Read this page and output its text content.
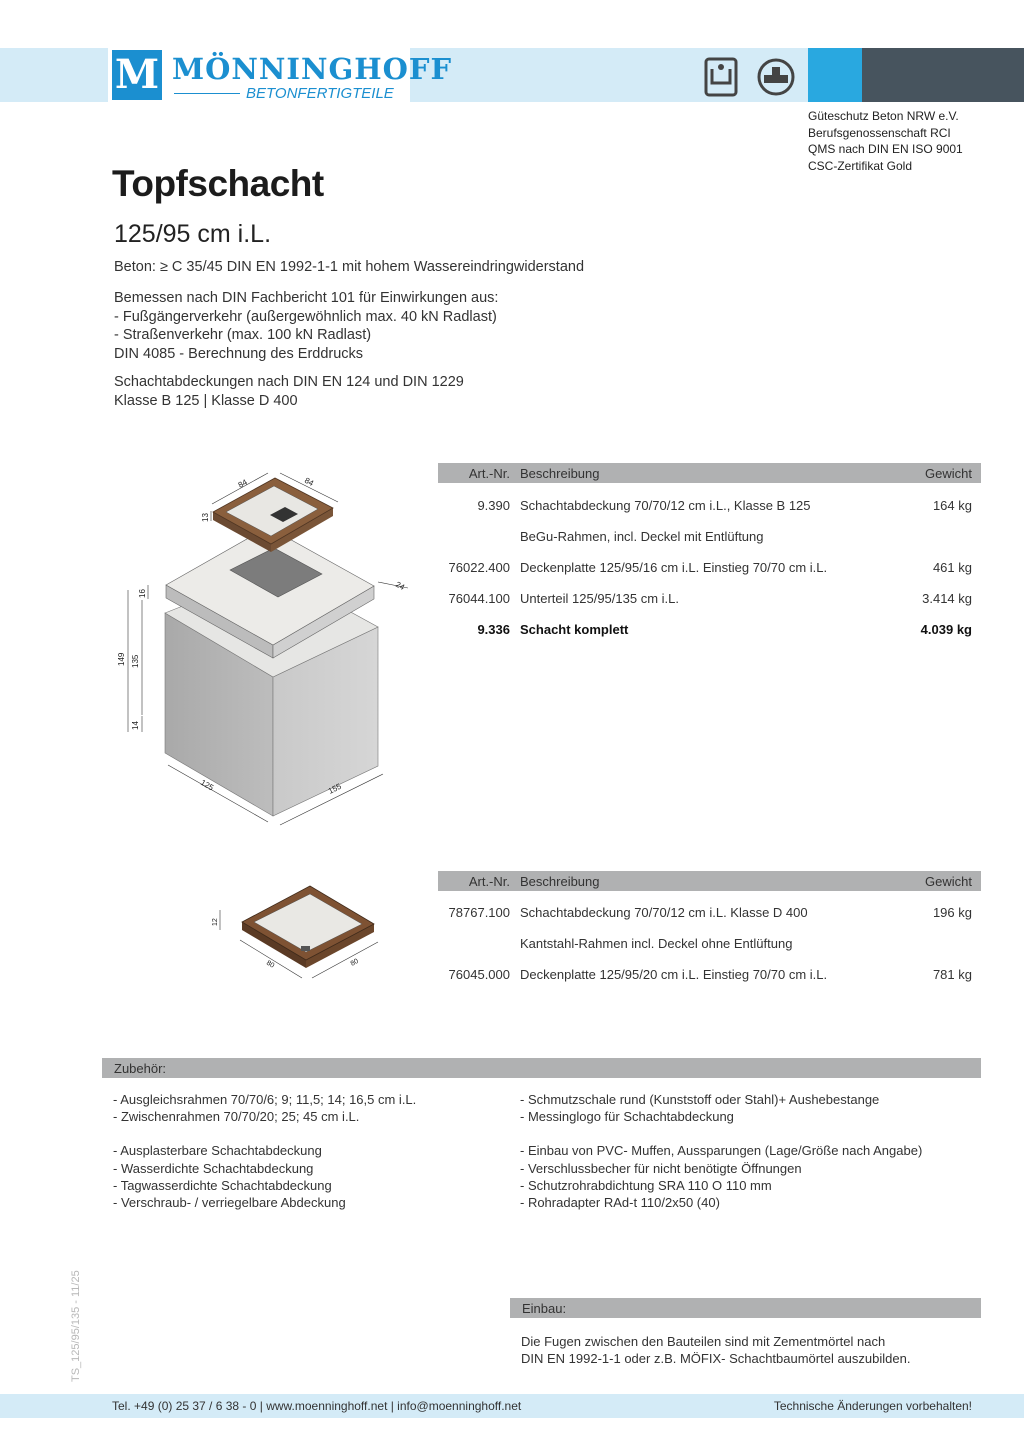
M MÖNNINGHOFF
BETONFERTIGTEILE
Güteschutz Beton NRW e.V.
Berufsgenossenschaft RCI
QMS nach DIN EN ISO 9001
CSC-Zertifikat Gold
Topfschacht
125/95 cm i.L.
Beton: ≥ C 35/45 DIN EN 1992-1-1 mit hohem Wassereindringwiderstand
Bemessen nach DIN Fachbericht 101 für Einwirkungen aus:
- Fußgängerverkehr (außergewöhnlich max. 40 kN Radlast)
- Straßenverkehr (max. 100 kN Radlast)
DIN 4085 - Berechnung des Erddrucks
Schachtabdeckungen nach DIN EN 124 und DIN 1229
Klasse B 125 | Klasse D 400
84	84
13
16
24
149 135
14
125	155
Art.-Nr. Beschreibung	Gewicht
9.390 Schachtabdeckung 70/70/12 cm i.L., Klasse B 125	164 kg
BeGu-Rahmen, incl. Deckel mit Entlüftung
76022.400 Deckenplatte 125/95/16 cm i.L. Einstieg 70/70 cm i.L.	461 kg
76044.100 Unterteil 125/95/135 cm i.L.	3.414 kg
9.336 Schacht komplett	4.039 kg
12
80	80
Art.-Nr. Beschreibung	Gewicht
78767.100 Schachtabdeckung 70/70/12 cm i.L. Klasse D 400	196 kg
Kantstahl-Rahmen incl. Deckel ohne Entlüftung
76045.000 Deckenplatte 125/95/20 cm i.L. Einstieg 70/70 cm i.L.	781 kg
Zubehör:
- Ausgleichsrahmen 70/70/6; 9; 11,5; 14; 16,5 cm i.L.
- Zwischenrahmen 70/70/20; 25; 45 cm i.L.
- Ausplasterbare Schachtabdeckung
- Wasserdichte Schachtabdeckung
- Tagwasserdichte Schachtabdeckung
- Verschraub- / verriegelbare Abdeckung
- Schmutzschale rund (Kunststoff oder Stahl)+ Aushebestange
- Messinglogo für Schachtabdeckung
- Einbau von PVC- Muffen, Aussparungen (Lage/Größe nach Angabe)
- Verschlussbecher für nicht benötigte Öffnungen
- Schutzrohrabdichtung SRA 110 O 110 mm
- Rohradapter RAd-t 110/2x50 (40)
TS_125/95/135 - 11/25	Einbau:
Die Fugen zwischen den Bauteilen sind mit Zementmörtel nach
DIN EN 1992-1-1 oder z.B. MÖFIX- Schachtbaumörtel auszubilden.
Tel. +49 (0) 25 37 / 6 38 - 0 | www.moenninghoff.net | info@moenninghoff.net	Technische Änderungen vorbehalten!
